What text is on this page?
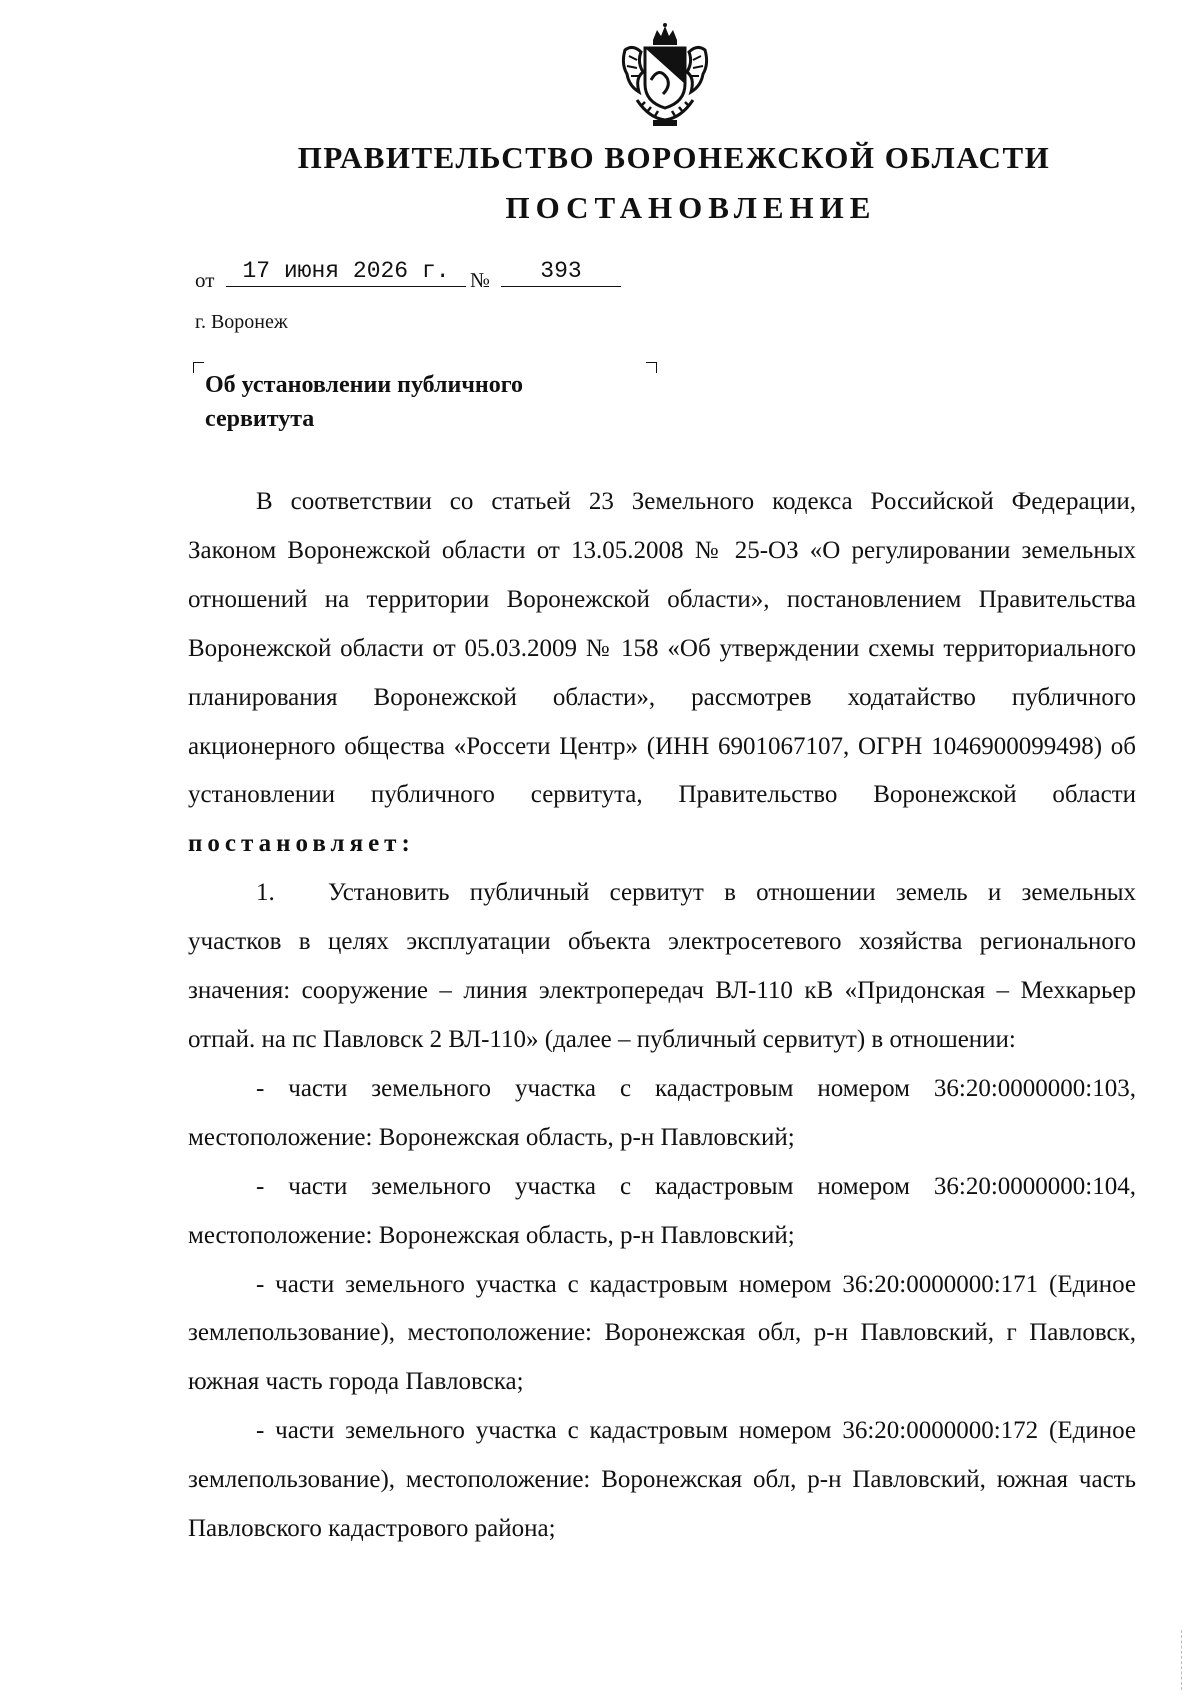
ПРАВИТЕЛЬСТВО ВОРОНЕЖСКОЙ ОБЛАСТИ
ПОСТАНОВЛЕНИЕ
от	17 июня 2026 г. №	393
г. Воронеж
Об установлении публичного
сервитута

В соответствии со статьей 23 Земельного кодекса Российской Федерации, Законом Воронежской области от 13.05.2008 № 25-ОЗ «О регулировании земельных отношений на территории Воронежской области», постановлением Правительства Воронежской области от 05.03.2009 № 158 «Об утверждении схемы территориального планирования Воронежской области», рассмотрев ходатайство публичного акционерного общества «Россети Центр» (ИНН 6901067107, ОГРН 1046900099498) об установлении публичного сервитута, Правительство Воронежской области постановляет:

1. Установить публичный сервитут в отношении земель и земельных участков в целях эксплуатации объекта электросетевого хозяйства регионального значения: сооружение – линия электропередач ВЛ-110 кВ «Придонская – Мехкарьер отпай. на пс Павловск 2 ВЛ-110» (далее – публичный сервитут) в отношении:

- части земельного участка с кадастровым номером 36:20:0000000:103, местоположение: Воронежская область, р-н Павловский;

- части земельного участка с кадастровым номером 36:20:0000000:104, местоположение: Воронежская область, р-н Павловский;

- части земельного участка с кадастровым номером 36:20:0000000:171 (Единое землепользование), местоположение: Воронежская обл, р-н Павловский, г Павловск, южная часть города Павловска;

- части земельного участка с кадастровым номером 36:20:0000000:172 (Единое землепользование), местоположение: Воронежская обл, р-н Павловский, южная часть Павловского кадастрового района;
